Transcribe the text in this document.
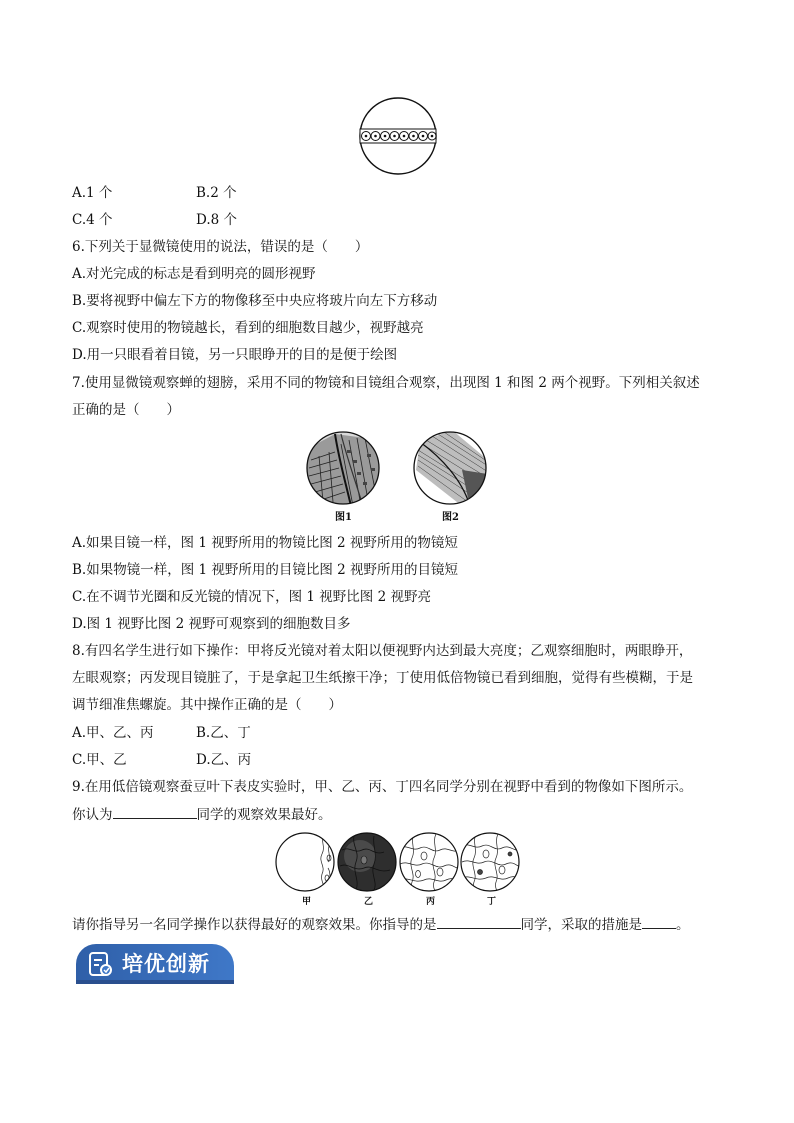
A.1 个	B.2 个
C.4 个	D.8 个
6.下列关于显微镜使用的说法，错误的是（　　）
A.对光完成的标志是看到明亮的圆形视野
B.要将视野中偏左下方的物像移至中央应将玻片向左下方移动
C.观察时使用的物镜越长，看到的细胞数目越少，视野越亮
D.用一只眼看着目镜，另一只眼睁开的目的是便于绘图
7.使用显微镜观察蝉的翅膀，采用不同的物镜和目镜组合观察，出现图 1 和图 2 两个视野。下列相关叙述
正确的是（　　）
图1	图2
A.如果目镜一样，图 1 视野所用的物镜比图 2 视野所用的物镜短
B.如果物镜一样，图 1 视野所用的目镜比图 2 视野所用的目镜短
C.在不调节光圈和反光镜的情况下，图 1 视野比图 2 视野亮
D.图 1 视野比图 2 视野可观察到的细胞数目多
8.有四名学生进行如下操作：甲将反光镜对着太阳以便视野内达到最大亮度；乙观察细胞时，两眼睁开，
左眼观察；丙发现目镜脏了，于是拿起卫生纸擦干净；丁使用低倍物镜已看到细胞，觉得有些模糊，于是
调节细准焦螺旋。其中操作正确的是（　　）
A.甲、乙、丙	B.乙、丁
C.甲、乙	D.乙、丙
9.在用低倍镜观察蚕豆叶下表皮实验时，甲、乙、丙、丁四名同学分别在视野中看到的物像如下图所示。
你认为	同学的观察效果最好。
甲	乙	丙	丁
请你指导另一名同学操作以获得最好的观察效果。你指导的是	同学，采取的措施是	。
培优创新
